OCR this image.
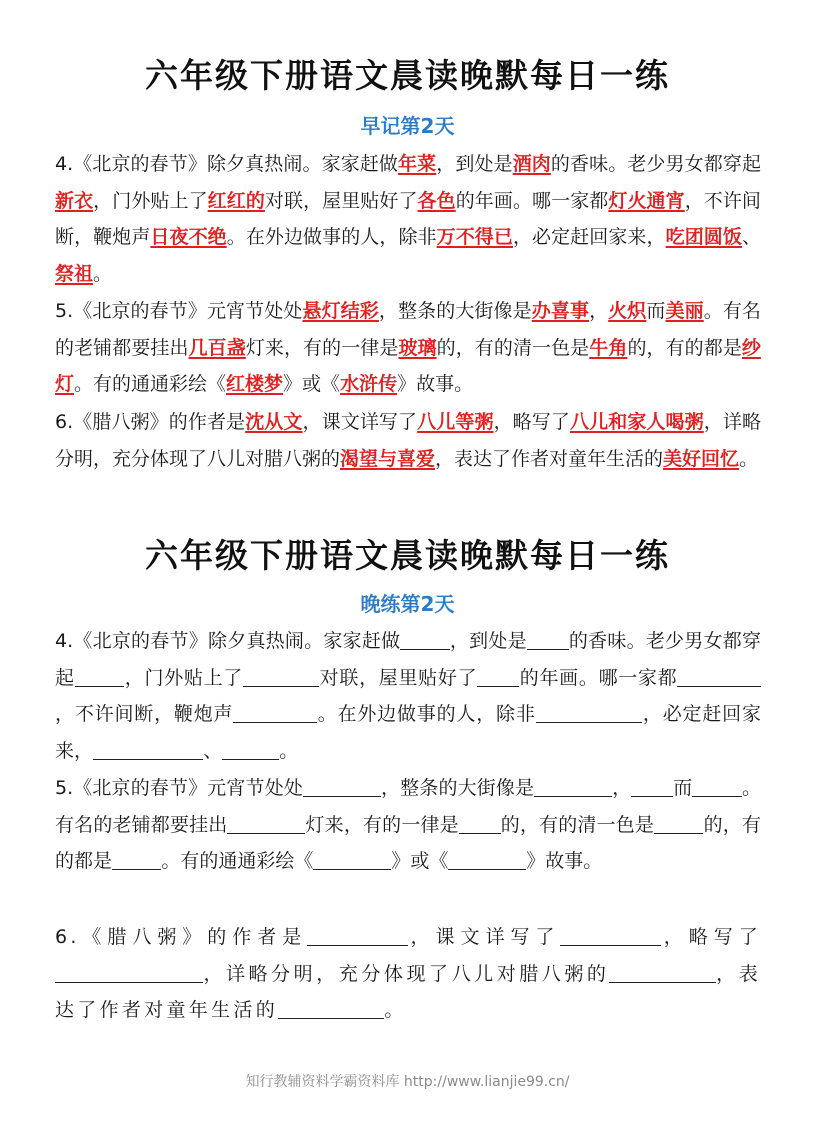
六年级下册语文晨读晚默每日一练
早记第2天
4.《北京的春节》除夕真热闹。家家赶做年菜，到处是酒肉的香味。老少男女都穿起新衣，门外贴上了红红的对联，屋里贴好了各色的年画。哪一家都灯火通宵，不许间断，鞭炮声日夜不绝。在外边做事的人，除非万不得已，必定赶回家来，吃团圆饭、祭祖。
5.《北京的春节》元宵节处处悬灯结彩，整条的大街像是办喜事，火炽而美丽。有名的老铺都要挂出几百盏灯来，有的一律是玻璃的，有的清一色是牛角的，有的都是纱灯。有的通通彩绘《红楼梦》或《水浒传》故事。
6.《腊八粥》的作者是沈从文，课文详写了八儿等粥，略写了八儿和家人喝粥，详略分明，充分体现了八儿对腊八粥的渴望与喜爱，表达了作者对童年生活的美好回忆。
六年级下册语文晨读晚默每日一练
晚练第2天
4.《北京的春节》除夕真热闹。家家赶做	，到处是 的香味。老少男女都穿起	，门外贴上了	对联，屋里贴好了 的年画。哪一家都，不许间断，鞭炮声	。在外边做事的人，除非	，必定赶回家来，	、	。
5.《北京的春节》元宵节处处	，整条的大街像是	， 而	。有名的老铺都要挂出	灯来，有的一律是 的，有的清一色是	的，有的都是	。有的通通彩绘《	》或《	》故事。
6.《腊八粥》的作者是	，课文详写了	，略写了，详略分明，充分体现了八儿对腊八粥的	，表达了作者对童年生活的	。
知行教辅资料学霸资料库 http://www.lianjie99.cn/
